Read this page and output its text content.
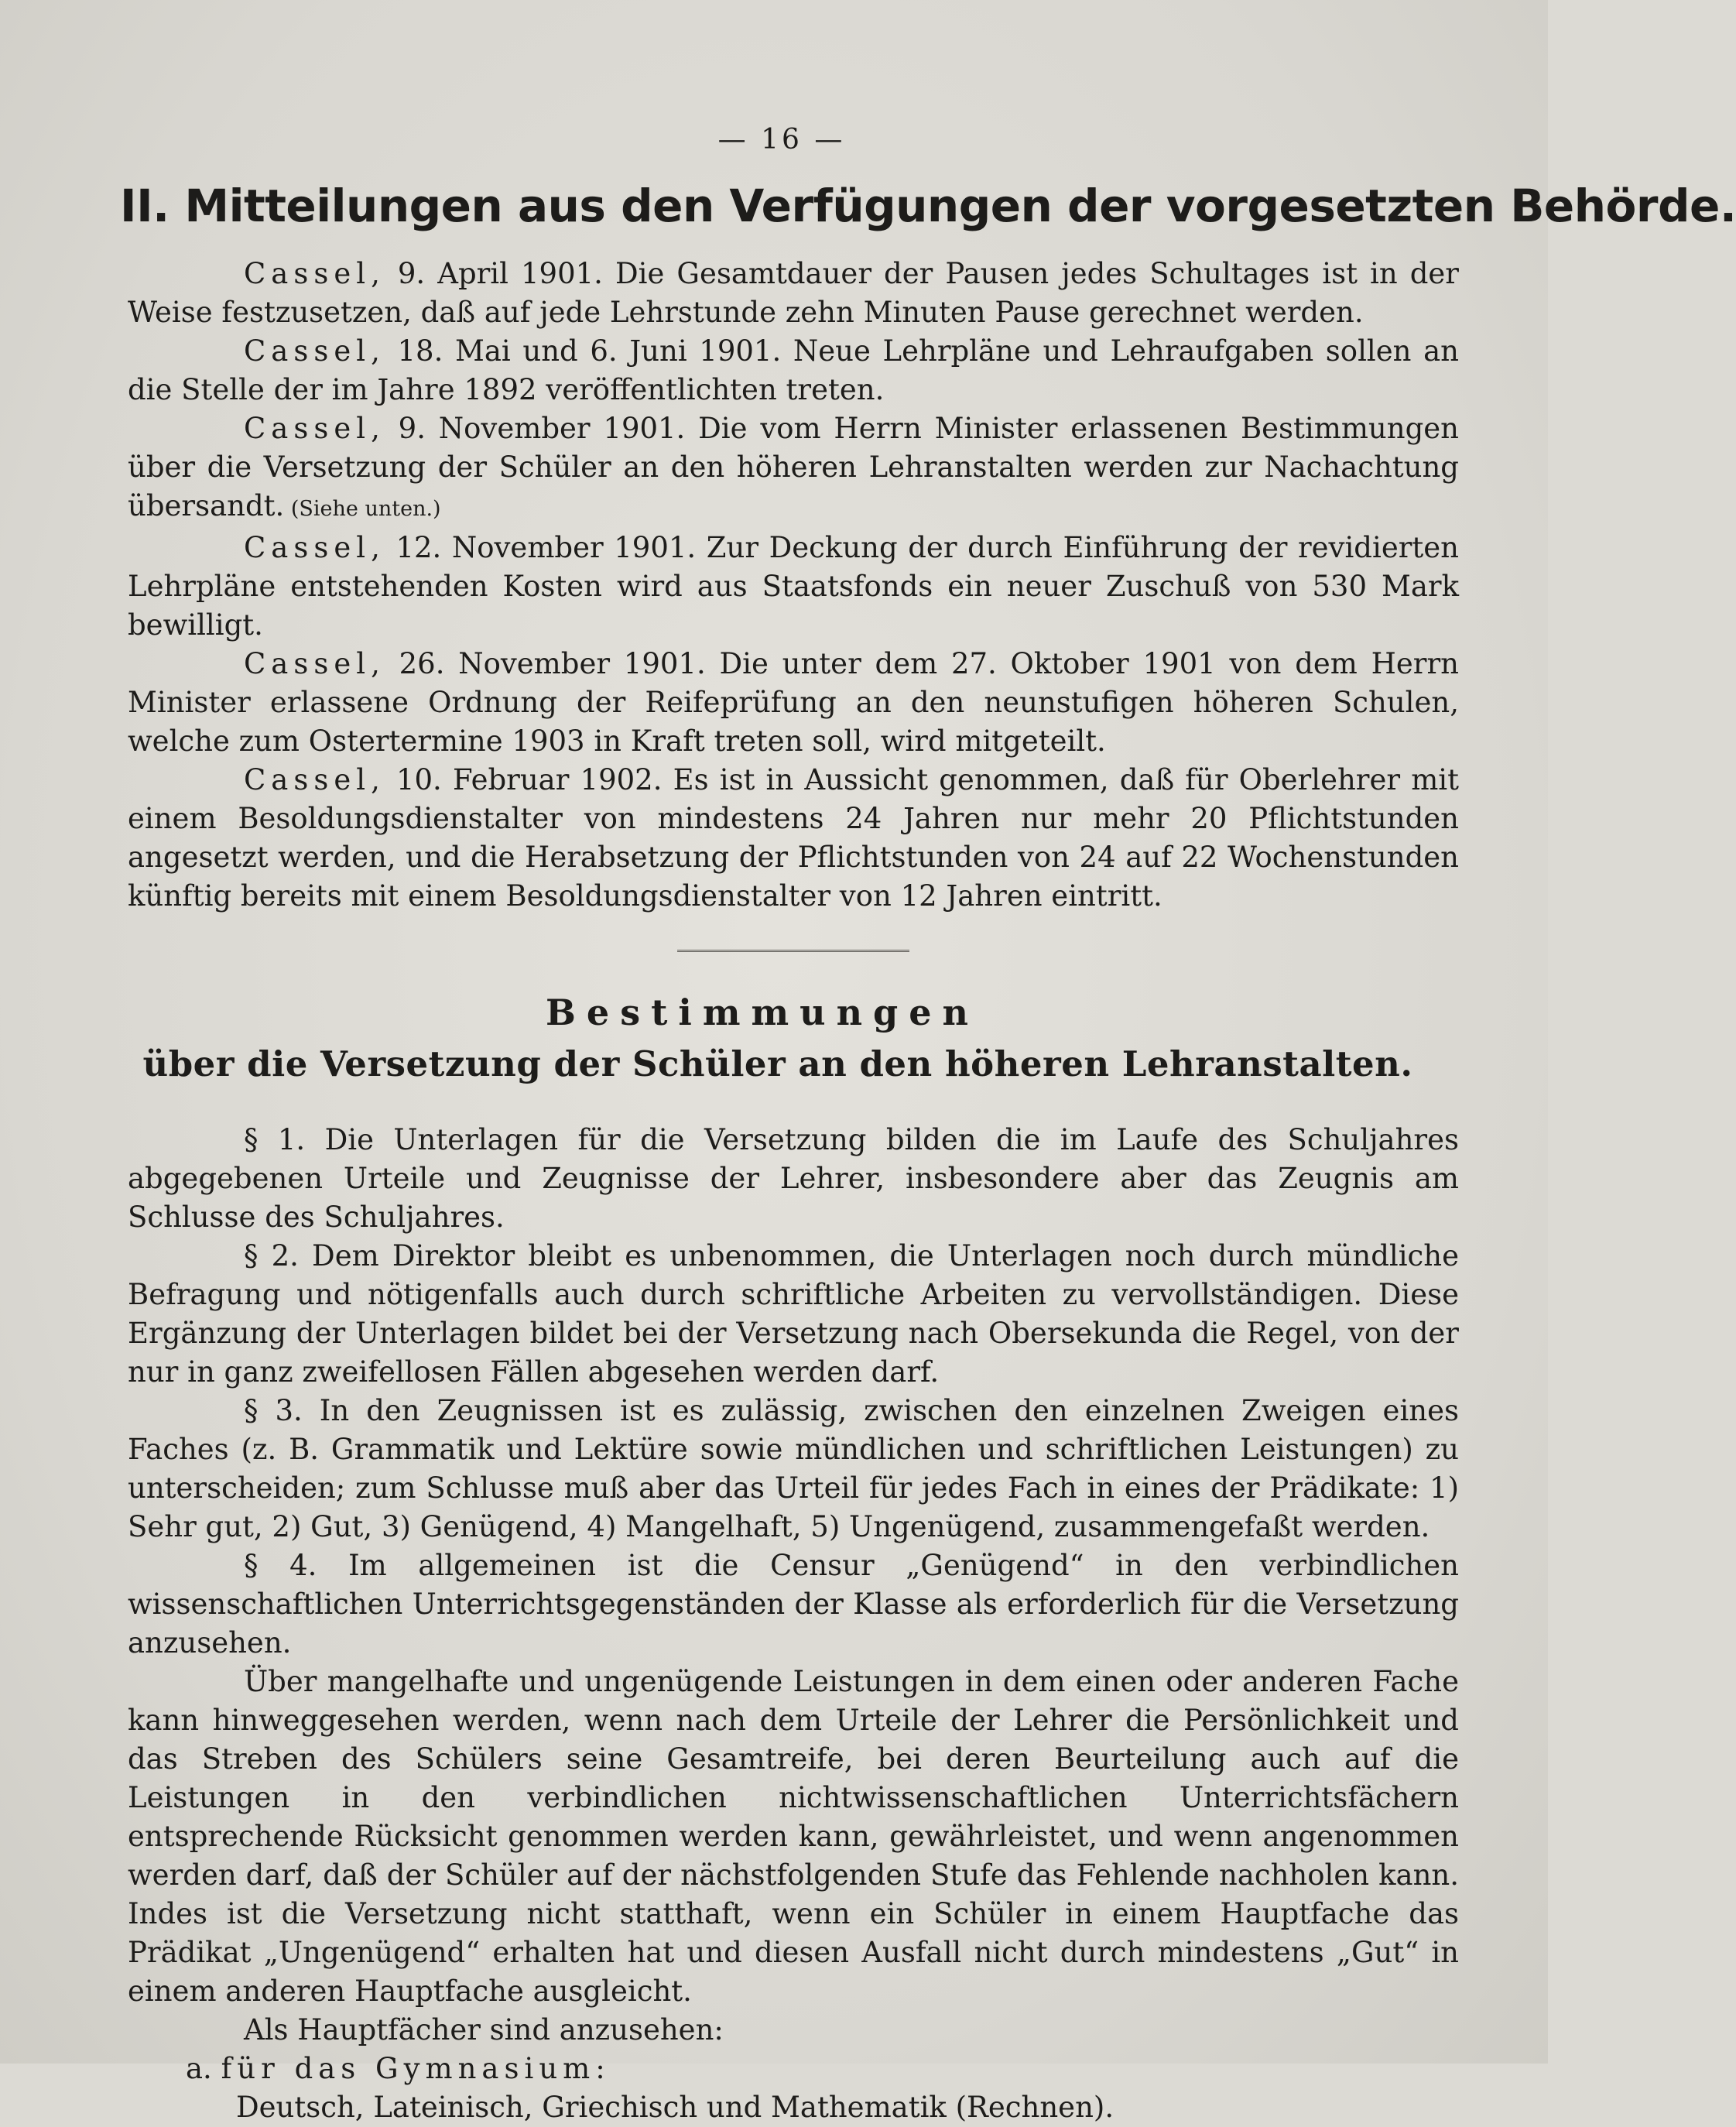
— 16 —
II. Mitteilungen aus den Verfügungen der vorgesetzten Behörde.

Cassel, 9. April 1901. Die Gesamtdauer der Pausen jedes Schultages ist in der Weise festzusetzen, daß auf jede Lehrstunde zehn Minuten Pause gerechnet werden.

Cassel, 18. Mai und 6. Juni 1901. Neue Lehrpläne und Lehraufgaben sollen an die Stelle der im Jahre 1892 veröffentlichten treten.

Cassel, 9. November 1901. Die vom Herrn Minister erlassenen Bestimmungen über die Versetzung der Schüler an den höheren Lehranstalten werden zur Nachachtung übersandt. (Siehe unten.)

Cassel, 12. November 1901. Zur Deckung der durch Einführung der revidierten Lehrpläne entstehenden Kosten wird aus Staatsfonds ein neuer Zuschuß von 530 Mark bewilligt.

Cassel, 26. November 1901. Die unter dem 27. Oktober 1901 von dem Herrn Minister erlassene Ordnung der Reifeprüfung an den neunstufigen höheren Schulen, welche zum Ostertermine 1903 in Kraft treten soll, wird mitgeteilt.

Cassel, 10. Februar 1902. Es ist in Aussicht genommen, daß für Oberlehrer mit einem Besoldungsdienstalter von mindestens 24 Jahren nur mehr 20 Pflichtstunden angesetzt werden, und die Herabsetzung der Pflichtstunden von 24 auf 22 Wochenstunden künftig bereits mit einem Besoldungsdienstalter von 12 Jahren eintritt.

Bestimmungen
über die Versetzung der Schüler an den höheren Lehranstalten.

§ 1. Die Unterlagen für die Versetzung bilden die im Laufe des Schuljahres abgegebenen Urteile und Zeugnisse der Lehrer, insbesondere aber das Zeugnis am Schlusse des Schuljahres.

§ 2. Dem Direktor bleibt es unbenommen, die Unterlagen noch durch mündliche Befragung und nötigenfalls auch durch schriftliche Arbeiten zu vervollständigen. Diese Ergänzung der Unterlagen bildet bei der Versetzung nach Obersekunda die Regel, von der nur in ganz zweifellosen Fällen abgesehen werden darf.

§ 3. In den Zeugnissen ist es zulässig, zwischen den einzelnen Zweigen eines Faches (z. B. Grammatik und Lektüre sowie mündlichen und schriftlichen Leistungen) zu unterscheiden; zum Schlusse muß aber das Urteil für jedes Fach in eines der Prädikate: 1) Sehr gut, 2) Gut, 3) Genügend, 4) Mangelhaft, 5) Ungenügend, zusammengefaßt werden.

§ 4. Im allgemeinen ist die Censur „Genügend“ in den verbindlichen wissenschaftlichen Unterrichtsgegenständen der Klasse als erforderlich für die Versetzung anzusehen.

Über mangelhafte und ungenügende Leistungen in dem einen oder anderen Fache kann hinweggesehen werden, wenn nach dem Urteile der Lehrer die Persönlichkeit und das Streben des Schülers seine Gesamtreife, bei deren Beurteilung auch auf die Leistungen in den verbindlichen nichtwissenschaftlichen Unterrichtsfächern entsprechende Rücksicht genommen werden kann, gewährleistet, und wenn angenommen werden darf, daß der Schüler auf der nächstfolgenden Stufe das Fehlende nachholen kann. Indes ist die Versetzung nicht statthaft, wenn ein Schüler in einem Hauptfache das Prädikat „Ungenügend“ erhalten hat und diesen Ausfall nicht durch mindestens „Gut“ in einem anderen Hauptfache ausgleicht.

Als Hauptfächer sind anzusehen:

a. für das Gymnasium:
Deutsch, Lateinisch, Griechisch und Mathematik (Rechnen).
